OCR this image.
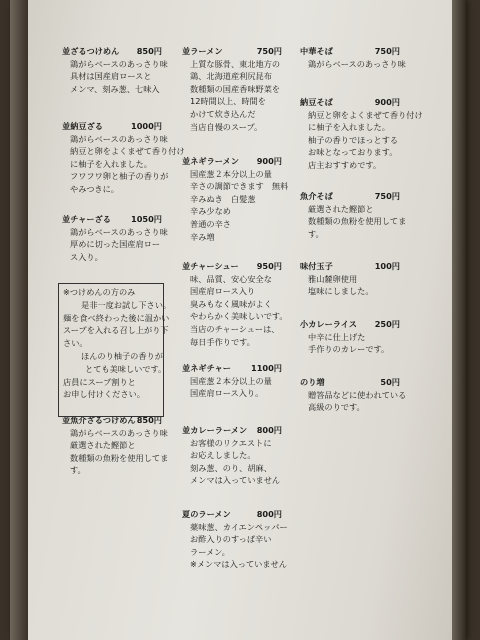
並ざるつけめん 850円
鶏がらベースのあっさり味
具材は国産肩ロースと
メンマ、刻み葱、七味入
並納豆ざる	1000円
鶏がらベースのあっさり味
納豆と卵をよくまぜて香り付け
に柚子を入れました。
フワフワ卵と柚子の香りが
やみつきに。
並チャーざる 1050円
鶏がらベースのあっさり味
厚めに切った国産肩ロー
ス入り。
並魚介ざるつけめん 850円
鶏がらベースのあっさり味
厳選された鰹節と
数種類の魚粉を使用してま
す。
並ラーメン	750円
上質な豚骨、東北地方の
鶏、北海道産利尻昆布
数種類の国産香味野菜を
12時間以上、時間を
かけて炊き込んだ
当店自慢のスープ。
並ネギラーメン 900円
国産葱２本分以上の量
辛さの調節できます　無料
辛みぬき　白髪葱
辛み少なめ
普通の辛さ
辛み増
並チャーシュー 950円
味、品質、安心安全な
国産肩ロース入り
臭みもなく風味がよく
やわらかく美味しいです。
当店のチャーシューは、
毎日手作りです。
並ネギチャー 1100円
国産葱２本分以上の量
国産肩ロース入り。
並カレーラーメン 800円
お客様のリクエストに
お応えしました。
刻み葱、のり、胡麻、
メンマは入っていません
夏のラーメン	800円
薬味葱、カイエンペッパー
お酢入りのすっぱ辛い
ラーメン。
※メンマは入っていません
中華そば	750円
鶏がらベースのあっさり味
納豆そば	900円
納豆と卵をよくまぜて香り付け
に柚子を入れました。
柚子の香りでほっとする
お味となっております。
店主おすすめです。
魚介そば	750円
厳選された鰹節と
数種類の魚粉を使用してま
す。
味付玉子	100円
雅山麓卵使用
塩味にしました。
小カレーライス 250円
中辛に仕上げた
手作りのカレーです。
のり増	50円
贈答品などに使われている
高級のりです。
※つけめんの方のみ
是非一度お試し下さい。
麺を食べ終わった後に温かい
スープを入れる召し上がり下
さい。
ほんのり柚子の香りが
とても美味しいです。
店員にスープ割りと
お申し付けください。
